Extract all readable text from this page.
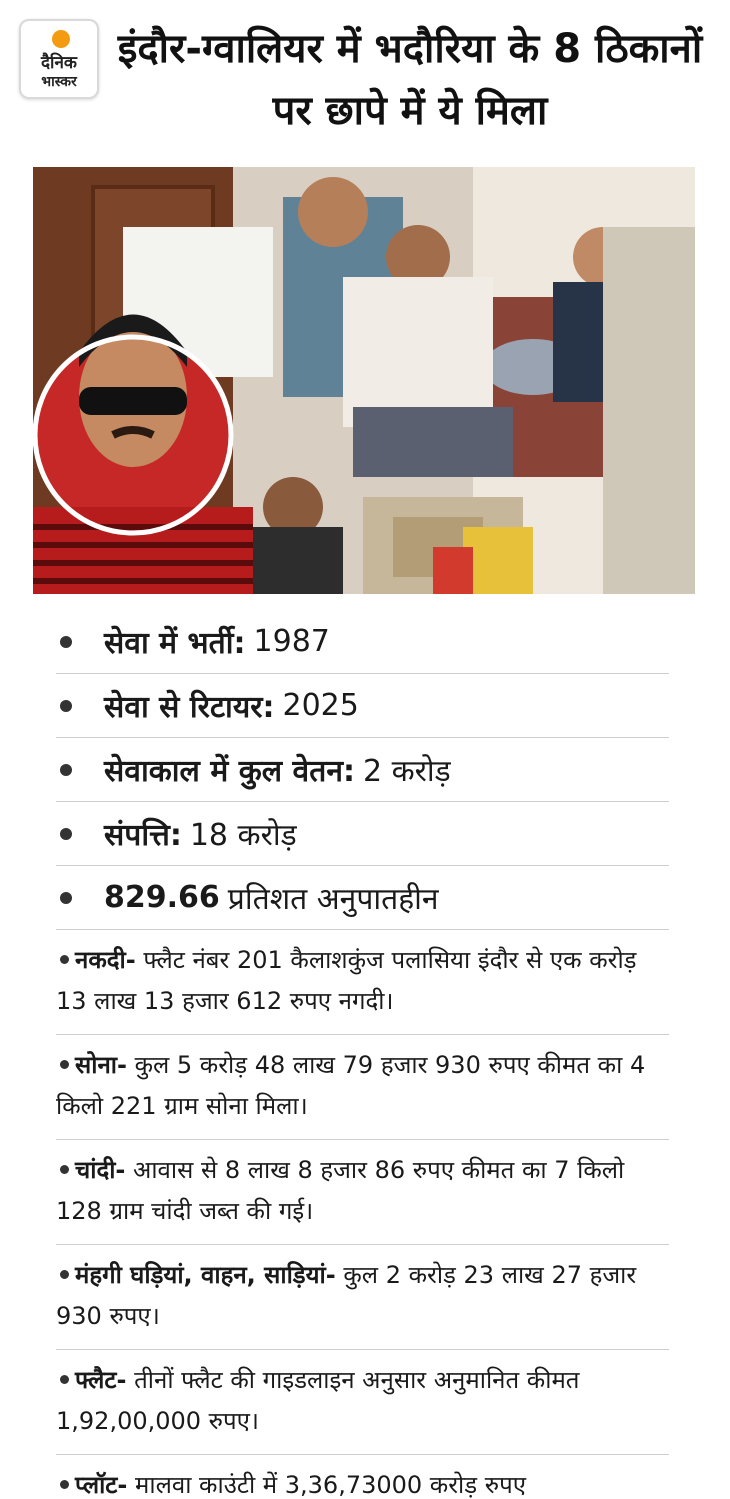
दैनिक
भास्कर
इंदौर-ग्वालियर में भदौरिया के 8 ठिकानों पर छापे में ये मिला
सेवा में भर्ती: 1987
सेवा से रिटायर: 2025
सेवाकाल में कुल वेतन: 2 करोड़
संपत्ति: 18 करोड़
829.66 प्रतिशत अनुपातहीन
नकदी- फ्लैट नंबर 201 कैलाशकुंज पलासिया इंदौर से एक करोड़ 13 लाख 13 हजार 612 रुपए नगदी।
सोना- कुल 5 करोड़ 48 लाख 79 हजार 930 रुपए कीमत का 4 किलो 221 ग्राम सोना मिला।
चांदी- आवास से 8 लाख 8 हजार 86 रुपए कीमत का 7 किलो 128 ग्राम चांदी जब्त की गई।
मंहगी घड़ियां, वाहन, साड़ियां- कुल 2 करोड़ 23 लाख 27 हजार 930 रुपए।
फ्लैट- तीनों फ्लैट की गाइडलाइन अनुसार अनुमानित कीमत 1,92,00,000 रुपए।
प्लॉट- मालवा काउंटी में 3,36,73000 करोड़ रुपए
